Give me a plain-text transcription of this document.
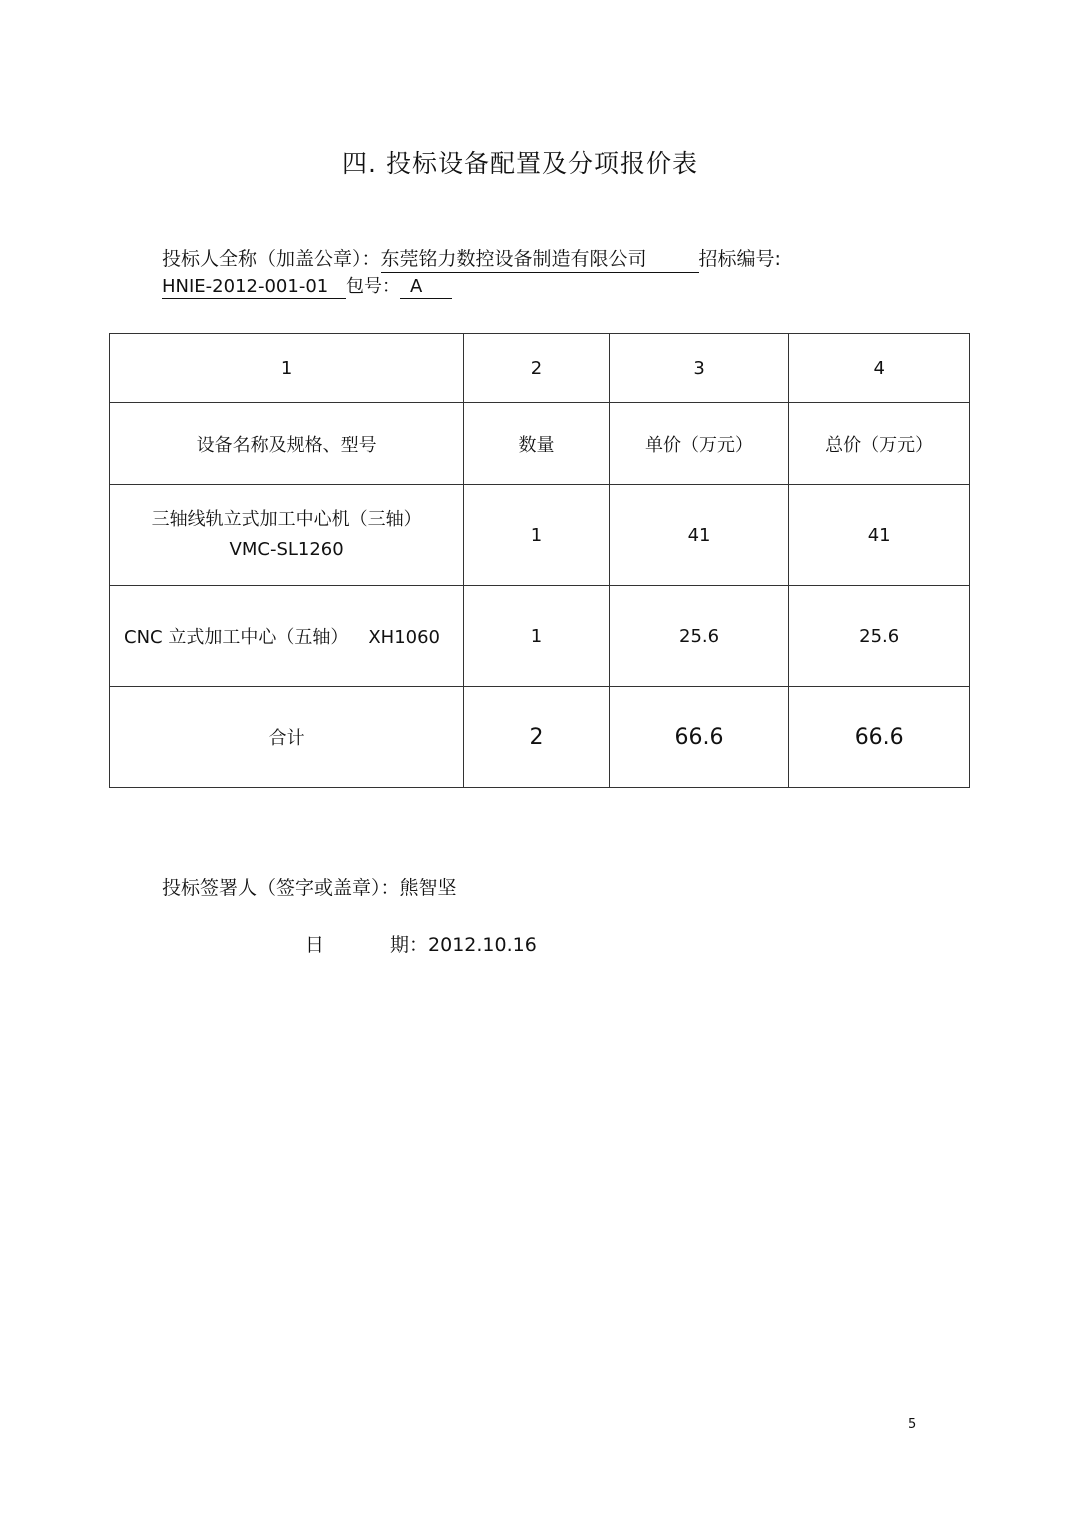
四. 投标设备配置及分项报价表
投标人全称（加盖公章）：东莞铭力数控设备制造有限公司	招标编号:
HNIE-2012-001-01 包号： A
1	2	3	4
设备名称及规格、型号	数量	单价（万元）	总价（万元）

三轴线轨立式加工中心机（三轴）
VMC-SL1260	1	41	41
CNC 立式加工中心（五轴） XH1060	1	25.6	25.6
合计	2	66.6	66.6
投标签署人（签字或盖章）：熊智坚
日	期：2012.10.16
5
